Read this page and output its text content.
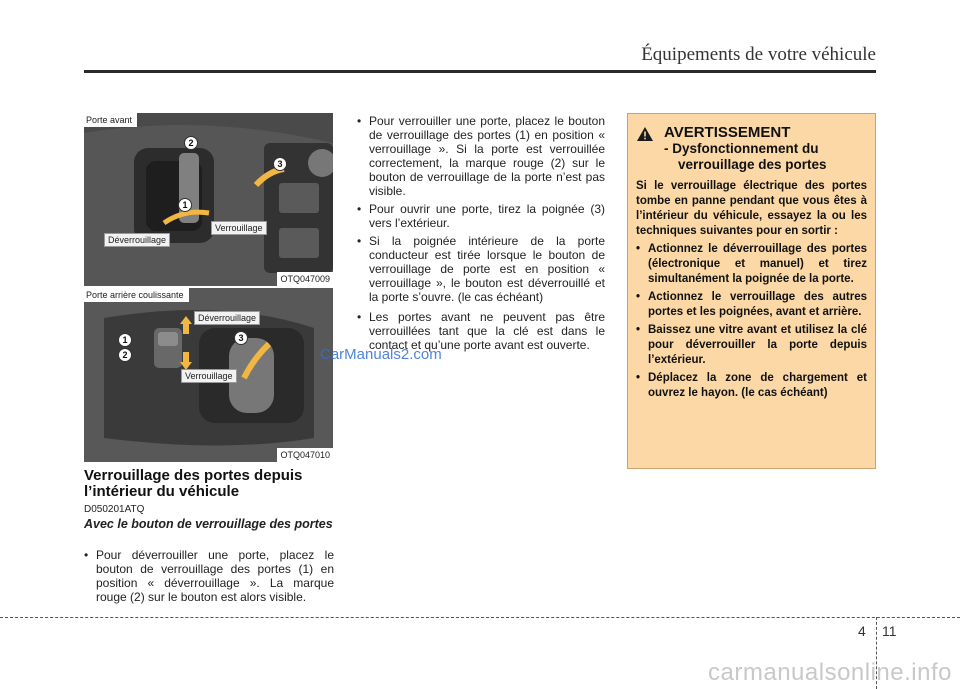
Équipements de votre véhicule
Porte avant
Déverrouillage
Verrouillage
1
2
3
OTQ047009
Porte arrière coulissante
Déverrouillage
Verrouillage
1
2
3
OTQ047010
Verrouillage des portes depuis l’intérieur du véhicule
D050201ATQ
Avec le bouton de verrouillage des portes
• Pour déverrouiller une porte, placez le bouton de verrouillage des portes (1) en position « déverrouillage ». La marque rouge (2) sur le bouton est alors visible.
• Pour verrouiller une porte, placez le bouton de verrouillage des portes (1) en position « verrouillage ». Si la porte est verrouillée correctement, la marque rouge (2) sur le bouton de verrouillage de la porte n’est pas visible.
• Pour ouvrir une porte, tirez la poignée (3) vers l’extérieur.
• Si la poignée intérieure de la porte conducteur est tirée lorsque le bouton de verrouillage de porte est en position « verrouillage », le bouton est déverrouillé et la porte s’ouvre. (le cas échéant)
• Les portes avant ne peuvent pas être verrouillées tant que la clé est dans le contact et qu’une porte avant est ouverte.
CarManuals2.com
AVERTISSEMENT
- Dysfonctionnement du
verrouillage des portes
Si le verrouillage électrique des portes tombe en panne pendant que vous êtes à l’intérieur du véhicule, essayez la ou les techniques suivantes pour en sortir :
• Actionnez le déverrouillage des portes (électronique et manuel) et tirez simultanément la poignée de la porte.
• Actionnez le verrouillage des autres portes et les poignées, avant et arrière.
• Baissez une vitre avant et utilisez la clé pour déverrouiller la porte depuis l’extérieur.
• Déplacez la zone de chargement et ouvrez le hayon. (le cas échéant)
4 11
carmanualsonline.info
